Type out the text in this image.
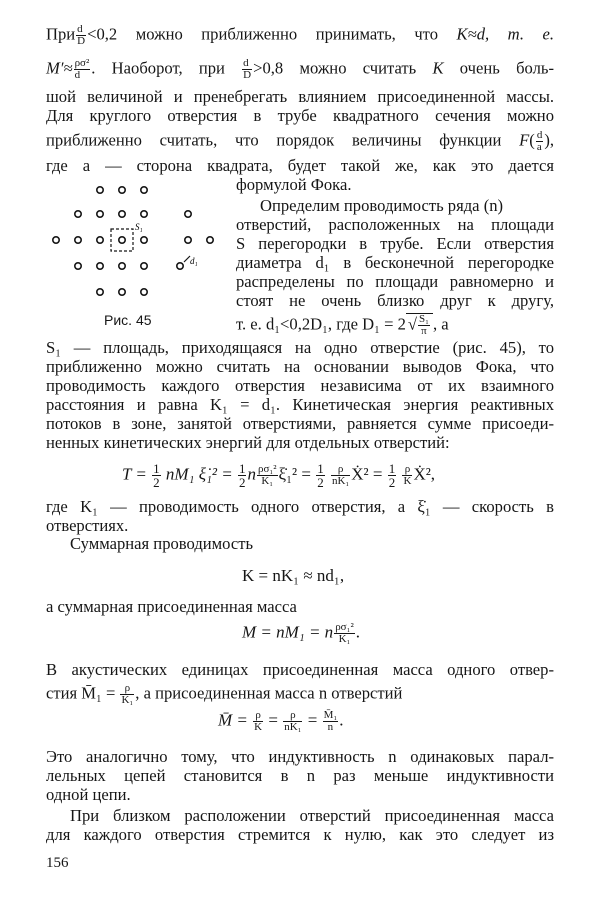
При $\frac{d}{D} <0,2$ можно приближенно принимать, что K≈d, т. е.
$M'\approx \frac{\text{ρσ²}}{d}$ . Наоборот, при $\frac{d}{D} >0,8$ можно считать K очень боль-
шой величиной и пренебрегать влиянием присоединенной массы.
Для круглого отверстия в трубе квадратного сечения можно
приближенно считать, что порядок величины функции $F( \frac{d}{a}$ ),
где a — сторона квадрата, будет такой же, как это дается
формулой Фока.
S₁
d₁
Рис. 45
Определим проводимость ряда (n)
отверстий, расположенных на площади
S перегородки в трубе. Если отверстия
диаметра d₁ в бесконечной перегородке
распределены по площади равномерно и
стоят не очень близко друг к другу,
т. е. d₁<0,2D₁, где D₁ = 2 √ $\frac{\text{S₁}}{\pi}$ , а
S₁ — площадь, приходящаяся на одно отверстие (рис. 45), то
приближенно можно считать на основании выводов Фока, что
проводимость каждого отверстия независима от их взаимного
расстояния и равна K₁ = d₁. Кинетическая энергия реактивных
потоков в зоне, занятой отверстиями, равняется сумме присоеди-
ненных кинетических энергий для отдельных отверстий:
$T = \frac{1}{2} nM_1$ ξ̇₁² = $\frac{1}{2}$ n $\frac{\text{ρσ₁²}}{\text{K₁}}$ ξ̇₁² = $\frac{1}{2}$
$\frac{\rho}{\text{nK₁}}$ Ẋ² = $\frac{1}{2}$
$\frac{\rho}{K}$ Ẋ²,
где K₁ — проводимость одного отверстия, а ξ̇₁ — скорость в
отверстиях.
Суммарная проводимость
K = nK₁ ≈ nd₁,
а суммарная присоединенная масса
M = nM₁ = n $\frac{\text{ρσ₁²}}{\text{K₁}}$ .
В акустических единицах присоединенная масса одного отвер-
стия M̄₁ = $\frac{\rho}{\text{K₁}}$ , а присоединенная масса n отверстий
M̄ = $\frac{\rho}{K} = \frac{\rho}{\text{nK₁}} = \frac{\text{M̄₁}}{n}$ .
Это аналогично тому, что индуктивность n одинаковых парал-
лельных цепей становится в n раз меньше индуктивности
одной цепи.
При близком расположении отверстий присоединенная масса
для каждого отверстия стремится к нулю, как это следует из
156
